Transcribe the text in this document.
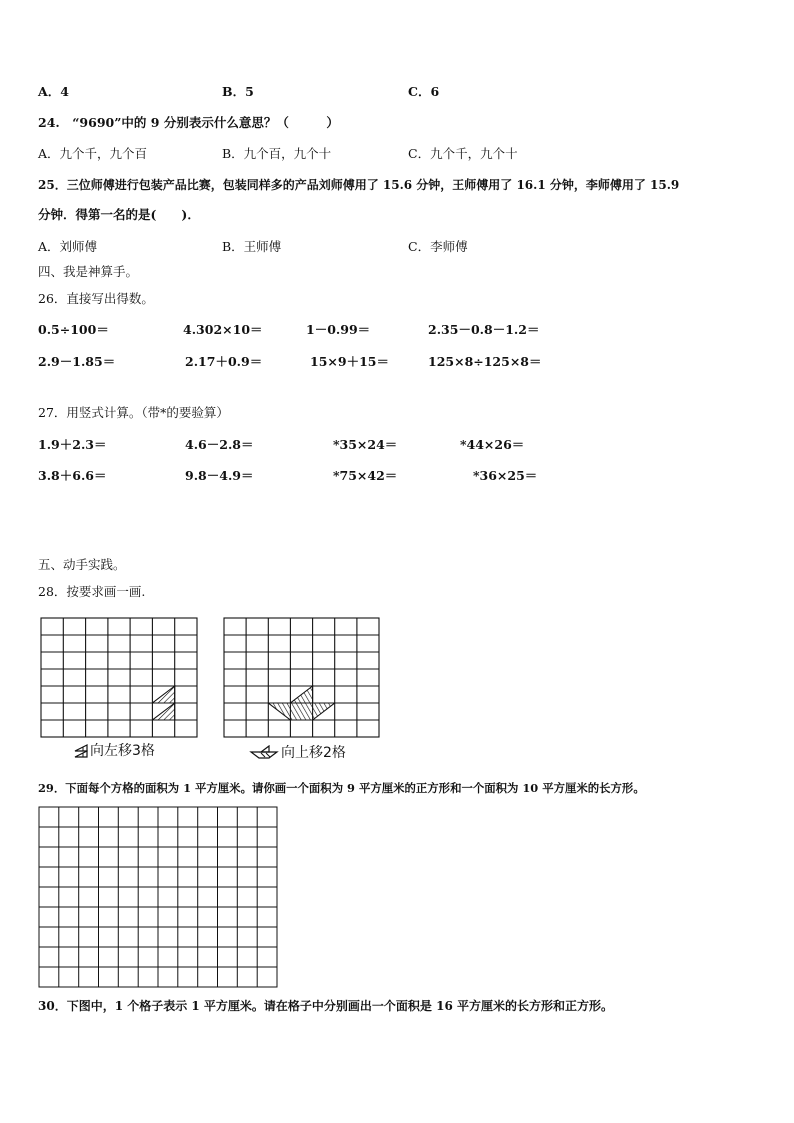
A．4	B．5	C．6
24.　“9690”中的 9 分别表示什么意思？（　　　）
A．九个千，九个百	B．九个百，九个十	C．九个千，九个十
25．三位师傅进行包装产品比赛，包装同样多的产品刘师傅用了 15.6 分钟，王师傅用了 16.1 分钟，李师傅用了 15.9
分钟．得第一名的是(　　)．
A．刘师傅	B．王师傅	C．李师傅
四、我是神算手。
26．直接写出得数。
0.5÷100＝	4.302×10＝	1－0.99＝	2.35－0.8－1.2＝
2.9－1.85＝	2.17＋0.9＝	15×9＋15＝	125×8÷125×8＝
27．用竖式计算。（带*的要验算）
1.9＋2.3＝	4.6－2.8＝	*35×24＝	*44×26＝
3.8＋6.6＝	9.8－4.9＝	*75×42＝	*36×25＝
五、动手实践。
28．按要求画一画.
向左移3格	向上移2格
29．下面每个方格的面积为 1 平方厘米。请你画一个面积为 9 平方厘米的正方形和一个面积为 10 平方厘米的长方形。
30．下图中，1 个格子表示 1 平方厘米。请在格子中分别画出一个面积是 16 平方厘米的长方形和正方形。
